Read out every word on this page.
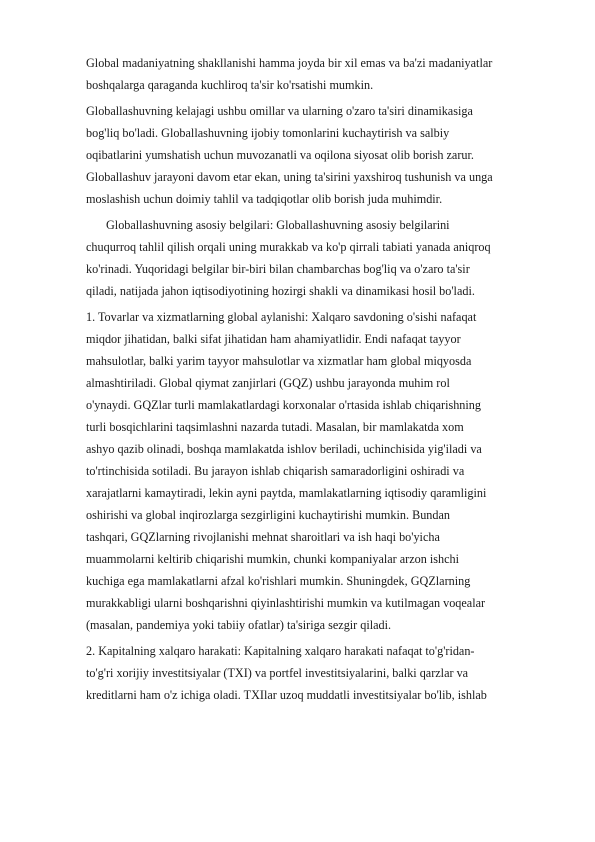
Global madaniyatning shakllanishi hamma joyda bir xil emas va ba'zi madaniyatlar
boshqalarga qaraganda kuchliroq ta'sir ko'rsatishi mumkin.
Globallashuvning kelajagi ushbu omillar va ularning o'zaro ta'siri dinamikasiga
bog'liq bo'ladi. Globallashuvning ijobiy tomonlarini kuchaytirish va salbiy
oqibatlarini yumshatish uchun muvozanatli va oqilona siyosat olib borish zarur.
Globallashuv jarayoni davom etar ekan, uning ta'sirini yaxshiroq tushunish va unga
moslashish uchun doimiy tahlil va tadqiqotlar olib borish juda muhimdir.
Globallashuvning asosiy belgilari: Globallashuvning asosiy belgilarini
chuqurroq tahlil qilish orqali uning murakkab va ko'p qirrali tabiati yanada aniqroq
ko'rinadi. Yuqoridagi belgilar bir-biri bilan chambarchas bog'liq va o'zaro ta'sir
qiladi, natijada jahon iqtisodiyotining hozirgi shakli va dinamikasi hosil bo'ladi.
1. Tovarlar va xizmatlarning global aylanishi: Xalqaro savdoning o'sishi nafaqat
miqdor jihatidan, balki sifat jihatidan ham ahamiyatlidir. Endi nafaqat tayyor
mahsulotlar, balki yarim tayyor mahsulotlar va xizmatlar ham global miqyosda
almashtiriladi. Global qiymat zanjirlari (GQZ) ushbu jarayonda muhim rol
o'ynaydi. GQZlar turli mamlakatlardagi korxonalar o'rtasida ishlab chiqarishning
turli bosqichlarini taqsimlashni nazarda tutadi. Masalan, bir mamlakatda xom
ashyo qazib olinadi, boshqa mamlakatda ishlov beriladi, uchinchisida yig'iladi va
to'rtinchisida sotiladi. Bu jarayon ishlab chiqarish samaradorligini oshiradi va
xarajatlarni kamaytiradi, lekin ayni paytda, mamlakatlarning iqtisodiy qaramligini
oshirishi va global inqirozlarga sezgirligini kuchaytirishi mumkin. Bundan
tashqari, GQZlarning rivojlanishi mehnat sharoitlari va ish haqi bo'yicha
muammolarni keltirib chiqarishi mumkin, chunki kompaniyalar arzon ishchi
kuchiga ega mamlakatlarni afzal ko'rishlari mumkin. Shuningdek, GQZlarning
murakkabligi ularni boshqarishni qiyinlashtirishi mumkin va kutilmagan voqealar
(masalan, pandemiya yoki tabiiy ofatlar) ta'siriga sezgir qiladi.
2. Kapitalning xalqaro harakati: Kapitalning xalqaro harakati nafaqat to'g'ridan-
to'g'ri xorijiy investitsiyalar (TXI) va portfel investitsiyalarini, balki qarzlar va
kreditlarni ham o'z ichiga oladi. TXIlar uzoq muddatli investitsiyalar bo'lib, ishlab
